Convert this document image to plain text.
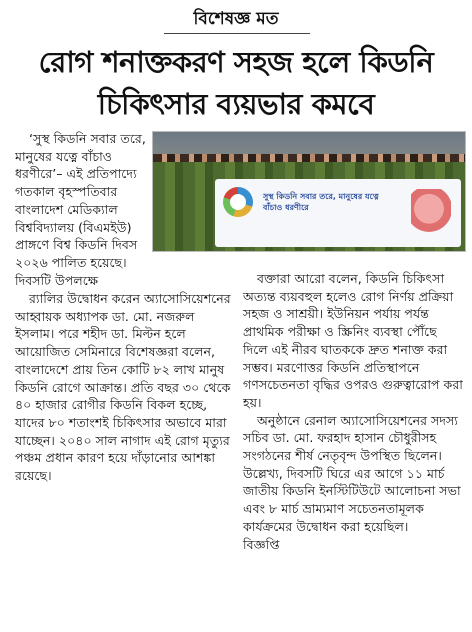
বিশেষজ্ঞ মত
রোগ শনাক্তকরণ সহজ হলে কিডনি
চিকিৎসার ব্যয়ভার কমবে
সুস্থ কিডনি সবার তরে, মানুষের যত্নে বাঁচাও ধরণীরে

‘সুস্থ কিডনি সবার তরে, মানুষের যত্নে বাঁচাও ধরণীরে’– এই প্রতিপাদ্যে গতকাল বৃহস্পতিবার বাংলাদেশ মেডিক্যাল বিশ্ববিদ্যালয় (বিএমইউ) প্রাঙ্গণে বিশ্ব কিডনি দিবস ২০২৬ পালিত হয়েছে। দিবসটি উপলক্ষে

র‍্যালির উদ্বোধন করেন অ্যাসোসিয়েশনের আহ্বায়ক অধ্যাপক ডা. মো. নজরুল ইসলাম। পরে শহীদ ডা. মিল্টন হলে আয়োজিত সেমিনারে বিশেষজ্ঞরা বলেন, বাংলাদেশে প্রায় তিন কোটি ৮২ লাখ মানুষ কিডনি রোগে আক্রান্ত। প্রতি বছর ৩০ থেকে ৪০ হাজার রোগীর কিডনি বিকল হচ্ছে, যাদের ৮০ শতাংশই চিকিৎসার অভাবে মারা যাচ্ছেন। ২০৪০ সাল নাগাদ এই রোগ মৃত্যুর পঞ্চম প্রধান কারণ হয়ে দাঁড়ানোর আশঙ্কা রয়েছে।

বক্তারা আরো বলেন, কিডনি চিকিৎসা অত্যন্ত ব্যয়বহুল হলেও রোগ নির্ণয় প্রক্রিয়া সহজ ও সাশ্রয়ী। ইউনিয়ন পর্যায় পর্যন্ত প্রাথমিক পরীক্ষা ও স্ক্রিনিং ব্যবস্থা পৌঁছে দিলে এই নীরব ঘাতককে দ্রুত শনাক্ত করা সম্ভব। মরণোত্তর কিডনি প্রতিস্থাপনে গণসচেতনতা বৃদ্ধির ওপরও গুরুত্বারোপ করা হয়।

অনুষ্ঠানে রেনাল অ্যাসোসিয়েশনের সদস্য সচিব ডা. মো. ফরহাদ হাসান চৌধুরীসহ সংগঠনের শীর্ষ নেতৃবৃন্দ উপস্থিত ছিলেন। উল্লেখ্য, দিবসটি ঘিরে এর আগে ১১ মার্চ জাতীয় কিডনি ইনস্টিটিউটে আলোচনা সভা এবং ৮ মার্চ ভ্রাম্যমাণ সচেতনতামূলক কার্যক্রমের উদ্বোধন করা হয়েছিল।

বিজ্ঞপ্তি
